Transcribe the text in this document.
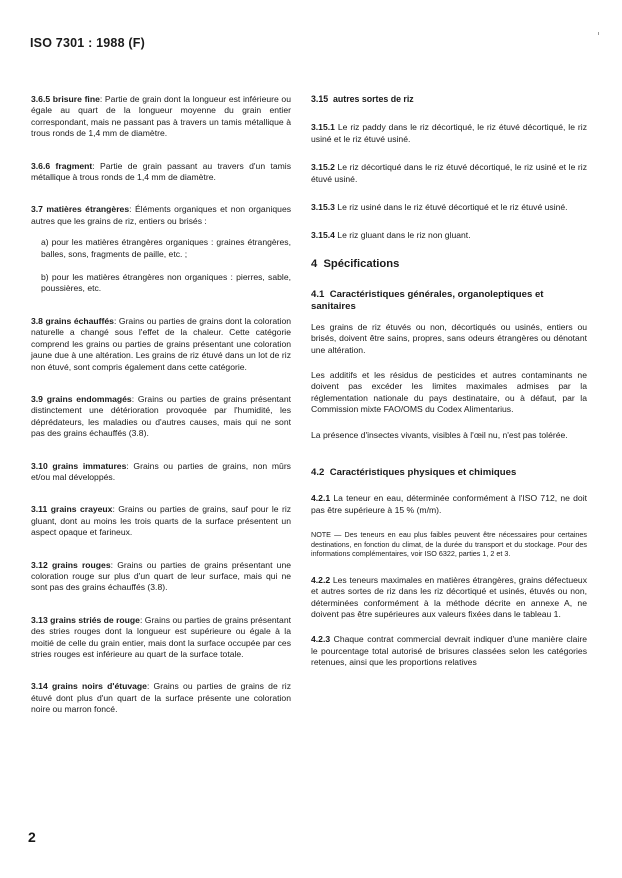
ISO 7301 : 1988 (F)

3.6.5 brisure fine: Partie de grain dont la longueur est inférieure ou égale au quart de la longueur moyenne du grain entier correspondant, mais ne passant pas à travers un tamis métallique à trous ronds de 1,4 mm de diamètre.

3.6.6 fragment: Partie de grain passant au travers d'un tamis métallique à trous ronds de 1,4 mm de diamètre.

3.7 matières étrangères: Éléments organiques et non organiques autres que les grains de riz, entiers ou brisés :

a) pour les matières étrangères organiques : graines étrangères, balles, sons, fragments de paille, etc. ;

b) pour les matières étrangères non organiques : pierres, sable, poussières, etc.

3.8 grains échauffés: Grains ou parties de grains dont la coloration naturelle a changé sous l'effet de la chaleur. Cette catégorie comprend les grains ou parties de grains présentant une coloration jaune due à une altération. Les grains de riz étuvé dans un lot de riz non étuvé, sont compris également dans cette catégorie.

3.9 grains endommagés: Grains ou parties de grains présentant distinctement une détérioration provoquée par l'humidité, les déprédateurs, les maladies ou d'autres causes, mais qui ne sont pas des grains échauffés (3.8).

3.10 grains immatures: Grains ou parties de grains, non mûrs et/ou mal développés.

3.11 grains crayeux: Grains ou parties de grains, sauf pour le riz gluant, dont au moins les trois quarts de la surface présentent un aspect opaque et farineux.

3.12 grains rouges: Grains ou parties de grains présentant une coloration rouge sur plus d'un quart de leur surface, mais qui ne sont pas des grains échauffés (3.8).

3.13 grains striés de rouge: Grains ou parties de grains présentant des stries rouges dont la longueur est supérieure ou égale à la moitié de celle du grain entier, mais dont la surface occupée par ces stries rouges est inférieure au quart de la surface totale.

3.14 grains noirs d'étuvage: Grains ou parties de grains de riz étuvé dont plus d'un quart de la surface présente une coloration noire ou marron foncé.

3.15 autres sortes de riz

3.15.1 Le riz paddy dans le riz décortiqué, le riz étuvé décortiqué, le riz usiné et le riz étuvé usiné.

3.15.2 Le riz décortiqué dans le riz étuvé décortiqué, le riz usiné et le riz étuvé usiné.

3.15.3 Le riz usiné dans le riz étuvé décortiqué et le riz étuvé usiné.

3.15.4 Le riz gluant dans le riz non gluant.

4 Spécifications
4.1 Caractéristiques générales, organoleptiques et sanitaires

Les grains de riz étuvés ou non, décortiqués ou usinés, entiers ou brisés, doivent être sains, propres, sans odeurs étrangères ou dénotant une altération.

Les additifs et les résidus de pesticides et autres contaminants ne doivent pas excéder les limites maximales admises par la réglementation nationale du pays destinataire, ou à défaut, par la Commission mixte FAO/OMS du Codex Alimentarius.

La présence d'insectes vivants, visibles à l'œil nu, n'est pas tolérée.

4.2 Caractéristiques physiques et chimiques

4.2.1 La teneur en eau, déterminée conformément à l'ISO 712, ne doit pas être supérieure à 15 % (m/m).

NOTE — Des teneurs en eau plus faibles peuvent être nécessaires pour certaines destinations, en fonction du climat, de la durée du transport et du stockage. Pour des informations complémentaires, voir ISO 6322, parties 1, 2 et 3.

4.2.2 Les teneurs maximales en matières étrangères, grains défectueux et autres sortes de riz dans les riz décortiqué et usinés, étuvés ou non, déterminées conformément à la méthode décrite en annexe A, ne doivent pas être supérieures aux valeurs fixées dans le tableau 1.

4.2.3 Chaque contrat commercial devrait indiquer d'une manière claire le pourcentage total autorisé de brisures classées selon les catégories retenues, ainsi que les proportions relatives

2
